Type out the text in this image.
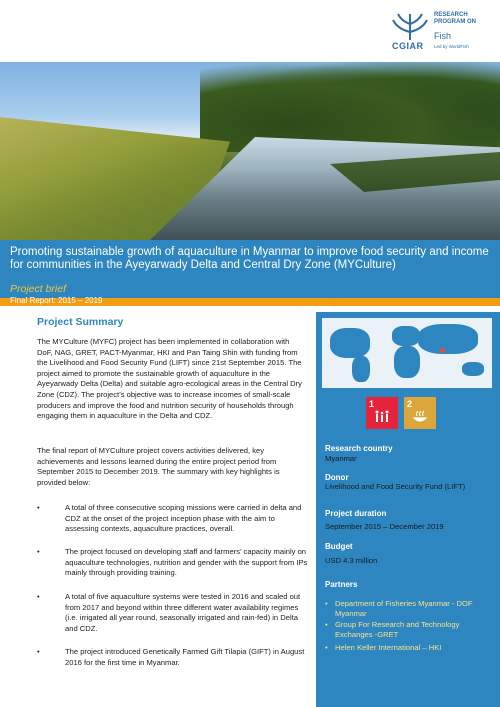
CGIAR
RESEARCH
PROGRAM ON
Fish
Led by WorldFish
Promoting sustainable growth of aquaculture in Myanmar to improve food security and income for communities in the Ayeyarwady Delta and Central Dry Zone (MYCulture)
Project brief
Final Report: 2015 – 2019
Project Summary
The MYCulture (MYFC) project has been implemented in collaboration with DoF, NAG, GRET, PACT-Myanmar, HKI and Pan Taing Shin with funding from the Livelihood and Food Security Fund (LIFT) since 21st September 2015. The project aimed to promote the sustainable growth of aquaculture in the Ayeyarwady Delta (Delta) and suitable agro-ecological areas in the Central Dry Zone (CDZ). The project’s objective was to increase incomes of small-scale producers and improve the food and nutrition security of households through engaging them in aquaculture in the Delta and CDZ.
The final report of MYCulture project covers activities delivered, key achievements and lessons learned during the entire project period from September 2015 to December 2019. The summary with key highlights is provided below:
•	A total of three consecutive scoping missions were carried in delta and CDZ at the onset of the project inception phase with the aim to assessing contexts, aquaculture practices, overall.
•	The project focused on developing staff and farmers’ capacity mainly on aquaculture technologies, nutrition and gender with the support from IPs mainly through providing training.
•	A total of five aquaculture systems were tested in 2016 and scaled out from 2017 and beyond within three different water availability regimes (i.e. irrigated all year round, seasonally irrigated and rain-fed) in Delta and CDZ.
•	The project introduced Genetically Farmed Gift Tilapia (GIFT) in August 2016 for the first time in Myanmar.
1	2
Research country
Myanmar
Donor
Livelihood and Food Security Fund (LIFT)
Project duration
September 2015 – December 2019
Budget
USD 4.3 million
Partners
• Department of Fisheries Myanmar - DOF Myanmar
• Group For Research and Technology Exchanges -GRET
• Helen Keller International – HKI
